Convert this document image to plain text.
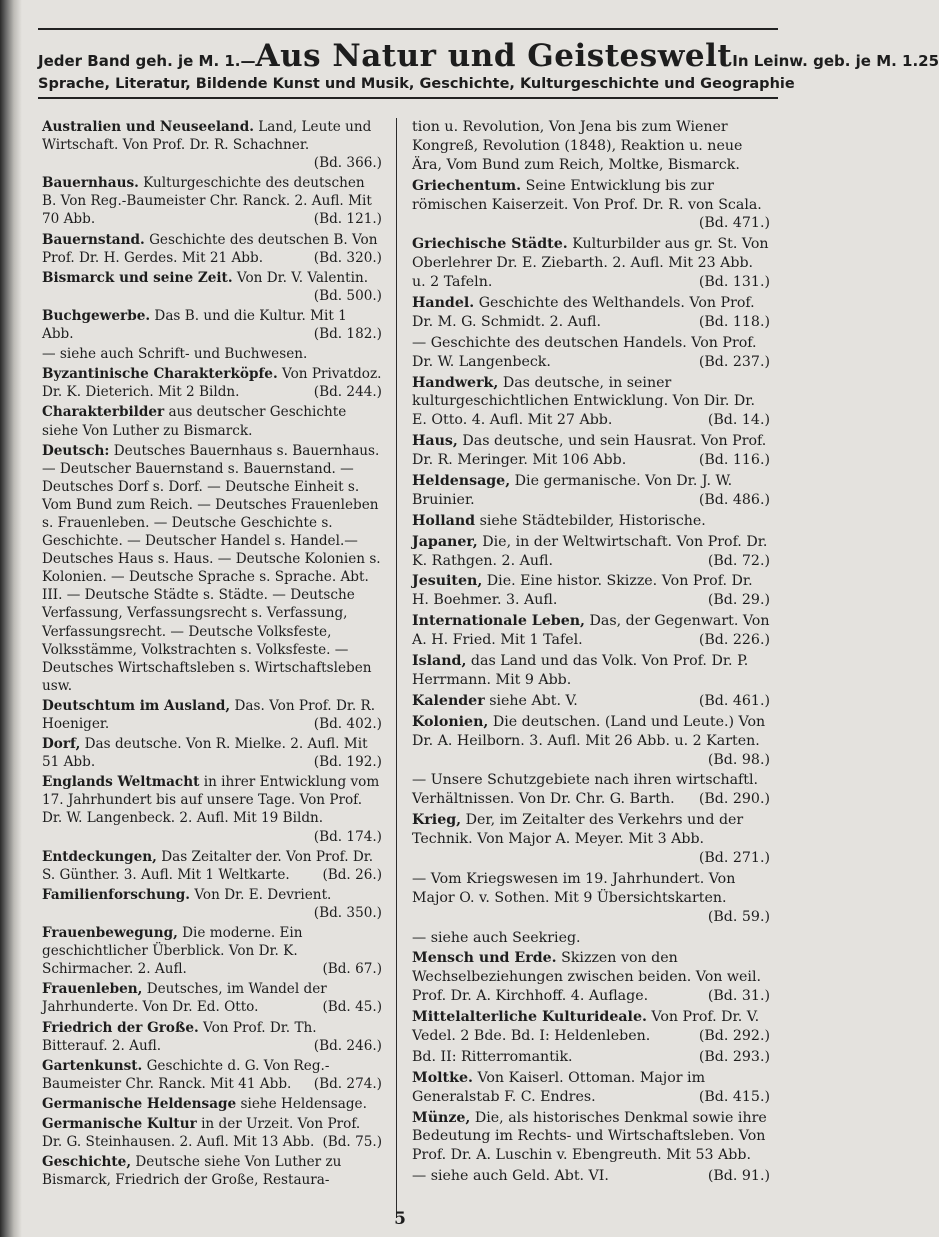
Jeder Band geh. je M. 1.— Aus Natur und Geisteswelt In Leinw. geb. je M. 1.25
Sprache, Literatur, Bildende Kunst und Musik, Geschichte, Kulturgeschichte und Geographie
Australien und Neuseeland. Land, Leute und Wirtschaft. Von Prof. Dr. R. Schachner.
(Bd. 366.)
Bauernhaus. Kulturgeschichte des deutschen B. Von Reg.-Baumeister Chr. Ranck. 2. Aufl. Mit 70 Abb.	(Bd. 121.)
Bauernstand. Geschichte des deutschen B. Von Prof. Dr. H. Gerdes. Mit 21 Abb.	(Bd. 320.)
Bismarck und seine Zeit. Von Dr. V. Valentin.
(Bd. 500.)
Buchgewerbe. Das B. und die Kultur. Mit 1 Abb.	(Bd. 182.)
— siehe auch Schrift- und Buchwesen.
Byzantinische Charakterköpfe. Von Privatdoz. Dr. K. Dieterich. Mit 2 Bildn.	(Bd. 244.)
Charakterbilder aus deutscher Geschichte siehe Von Luther zu Bismarck.
Deutsch: Deutsches Bauernhaus s. Bauernhaus.— Deutscher Bauernstand s. Bauernstand. — Deutsches Dorf s. Dorf. — Deutsche Einheit s. Vom Bund zum Reich. — Deutsches Frauenleben s. Frauenleben. — Deutsche Geschichte s. Geschichte. — Deutscher Handel s. Handel.— Deutsches Haus s. Haus. — Deutsche Kolonien s. Kolonien. — Deutsche Sprache s. Sprache. Abt. III. — Deutsche Städte s. Städte. — Deutsche Verfassung, Verfassungsrecht s. Verfassung, Verfassungsrecht. — Deutsche Volksfeste, Volksstämme, Volkstrachten s. Volksfeste. — Deutsches Wirtschaftsleben s. Wirtschaftsleben usw.
Deutschtum im Ausland, Das. Von Prof. Dr. R. Hoeniger.	(Bd. 402.)
Dorf, Das deutsche. Von R. Mielke. 2. Aufl. Mit 51 Abb.	(Bd. 192.)
Englands Weltmacht in ihrer Entwicklung vom 17. Jahrhundert bis auf unsere Tage. Von Prof. Dr. W. Langenbeck. 2. Aufl. Mit 19 Bildn.
(Bd. 174.)
Entdeckungen, Das Zeitalter der. Von Prof. Dr. S. Günther. 3. Aufl. Mit 1 Weltkarte. (Bd. 26.)
Familienforschung. Von Dr. E. Devrient.
(Bd. 350.)
Frauenbewegung, Die moderne. Ein geschichtlicher Überblick. Von Dr. K. Schirmacher. 2. Aufl.	(Bd. 67.)
Frauenleben, Deutsches, im Wandel der Jahrhunderte. Von Dr. Ed. Otto.	(Bd. 45.)
Friedrich der Große. Von Prof. Dr. Th. Bitterauf. 2. Aufl.	(Bd. 246.)
Gartenkunst. Geschichte d. G. Von Reg.-Baumeister Chr. Ranck. Mit 41 Abb. (Bd. 274.)
Germanische Heldensage siehe Heldensage.
Germanische Kultur in der Urzeit. Von Prof. Dr. G. Steinhausen. 2. Aufl. Mit 13 Abb. (Bd. 75.)
Geschichte, Deutsche siehe Von Luther zu Bismarck, Friedrich der Große, Restaura-
tion u. Revolution, Von Jena bis zum Wiener Kongreß, Revolution (1848), Reaktion u. neue Ära, Vom Bund zum Reich, Moltke, Bismarck.
Griechentum. Seine Entwicklung bis zur römischen Kaiserzeit. Von Prof. Dr. R. von Scala.
(Bd. 471.)
Griechische Städte. Kulturbilder aus gr. St. Von Oberlehrer Dr. E. Ziebarth. 2. Aufl. Mit 23 Abb. u. 2 Tafeln.	(Bd. 131.)
Handel. Geschichte des Welthandels. Von Prof. Dr. M. G. Schmidt. 2. Aufl.	(Bd. 118.)
— Geschichte des deutschen Handels. Von Prof. Dr. W. Langenbeck.	(Bd. 237.)
Handwerk, Das deutsche, in seiner kulturgeschichtlichen Entwicklung. Von Dir. Dr. E. Otto. 4. Aufl. Mit 27 Abb.	(Bd. 14.)
Haus, Das deutsche, und sein Hausrat. Von Prof. Dr. R. Meringer. Mit 106 Abb.	(Bd. 116.)
Heldensage, Die germanische. Von Dr. J. W. Bruinier.	(Bd. 486.)
Holland siehe Städtebilder, Historische.
Japaner, Die, in der Weltwirtschaft. Von Prof. Dr. K. Rathgen. 2. Aufl.	(Bd. 72.)
Jesuiten, Die. Eine histor. Skizze. Von Prof. Dr. H. Boehmer. 3. Aufl.	(Bd. 29.)
Internationale Leben, Das, der Gegenwart. Von A. H. Fried. Mit 1 Tafel.	(Bd. 226.)
Island, das Land und das Volk. Von Prof. Dr. P. Herrmann. Mit 9 Abb.
Kalender siehe Abt. V.	(Bd. 461.)
Kolonien, Die deutschen. (Land und Leute.) Von Dr. A. Heilborn. 3. Aufl. Mit 26 Abb. u. 2 Karten.
(Bd. 98.)
— Unsere Schutzgebiete nach ihren wirtschaftl. Verhältnissen. Von Dr. Chr. G. Barth. (Bd. 290.)
Krieg, Der, im Zeitalter des Verkehrs und der Technik. Von Major A. Meyer. Mit 3 Abb.
(Bd. 271.)
— Vom Kriegswesen im 19. Jahrhundert. Von Major O. v. Sothen. Mit 9 Übersichtskarten.
(Bd. 59.)
— siehe auch Seekrieg.
Mensch und Erde. Skizzen von den Wechselbeziehungen zwischen beiden. Von weil. Prof. Dr. A. Kirchhoff. 4. Auflage.	(Bd. 31.)
Mittelalterliche Kulturideale. Von Prof. Dr. V. Vedel. 2 Bde. Bd. I: Heldenleben.	(Bd. 292.)
Bd. II: Ritterromantik.	(Bd. 293.)
Moltke. Von Kaiserl. Ottoman. Major im Generalstab F. C. Endres.	(Bd. 415.)
Münze, Die, als historisches Denkmal sowie ihre Bedeutung im Rechts- und Wirtschaftsleben. Von Prof. Dr. A. Luschin v. Ebengreuth. Mit 53 Abb.
— siehe auch Geld. Abt. VI.	(Bd. 91.)
5
